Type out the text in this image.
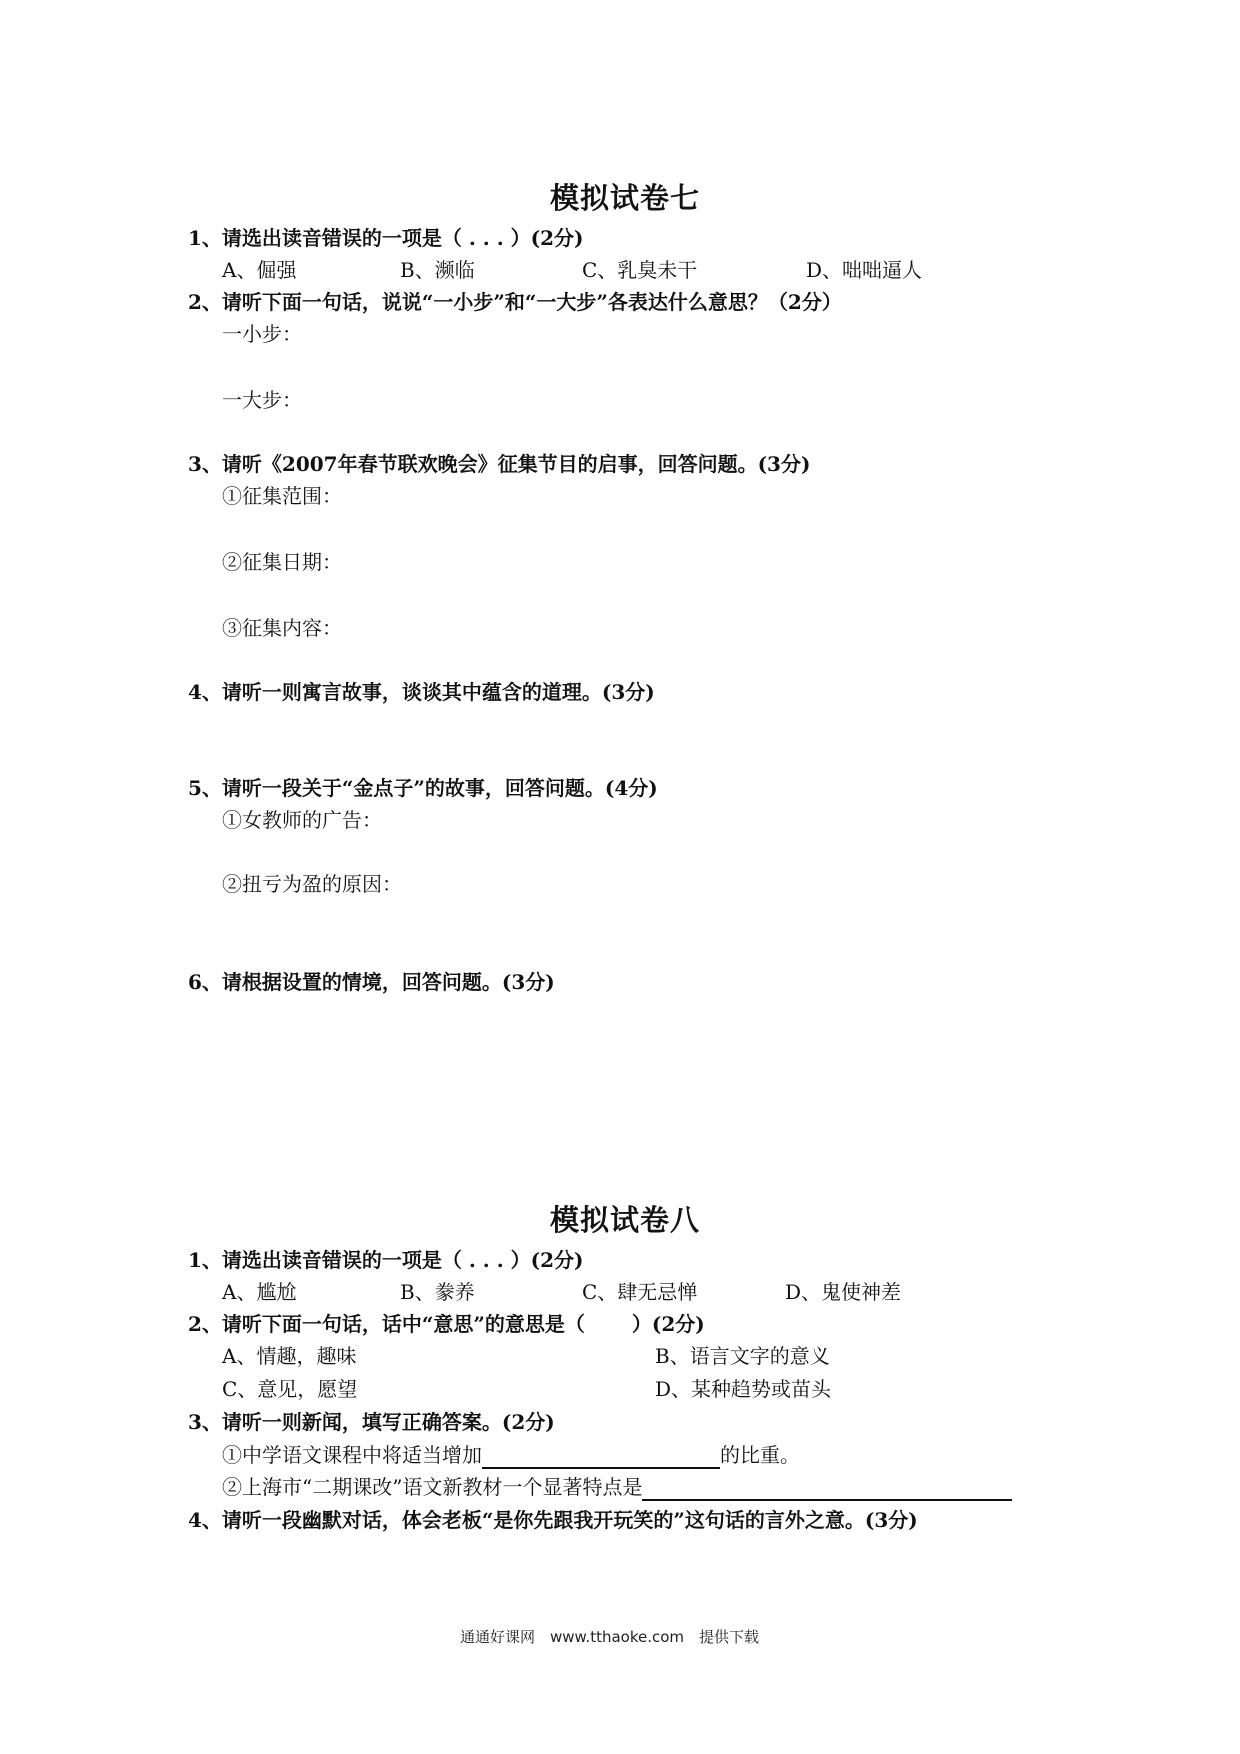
模拟试卷七
1、请选出读音错误的一项是（ . . . ）(2分)
A、倔强	B、濒临	C、乳臭未干	D、咄咄逼人
2、请听下面一句话，说说“一小步”和“一大步”各表达什么意思？（2分）
一小步：
一大步：
3、请听《2007年春节联欢晚会》征集节目的启事，回答问题。(3分)
①征集范围：
②征集日期：
③征集内容：
4、请听一则寓言故事，谈谈其中蕴含的道理。(3分)
5、请听一段关于“金点子”的故事，回答问题。(4分)
①女教师的广告：
②扭亏为盈的原因：
6、请根据设置的情境，回答问题。(3分)
模拟试卷八
1、请选出读音错误的一项是（ . . . ）(2分)
A、尴尬	B、豢养	C、肆无忌惮	D、鬼使神差
2、请听下面一句话，话中“意思”的意思是（　　 ）(2分)
A、情趣，趣味	B、语言文字的意义
C、意见，愿望	D、某种趋势或苗头
3、请听一则新闻，填写正确答案。(2分)
①中学语文课程中将适当增加	的比重。
②上海市“二期课改”语文新教材一个显著特点是
4、请听一段幽默对话，体会老板“是你先跟我开玩笑的”这句话的言外之意。(3分)
通通好课网　www.tthaoke.com　提供下载
